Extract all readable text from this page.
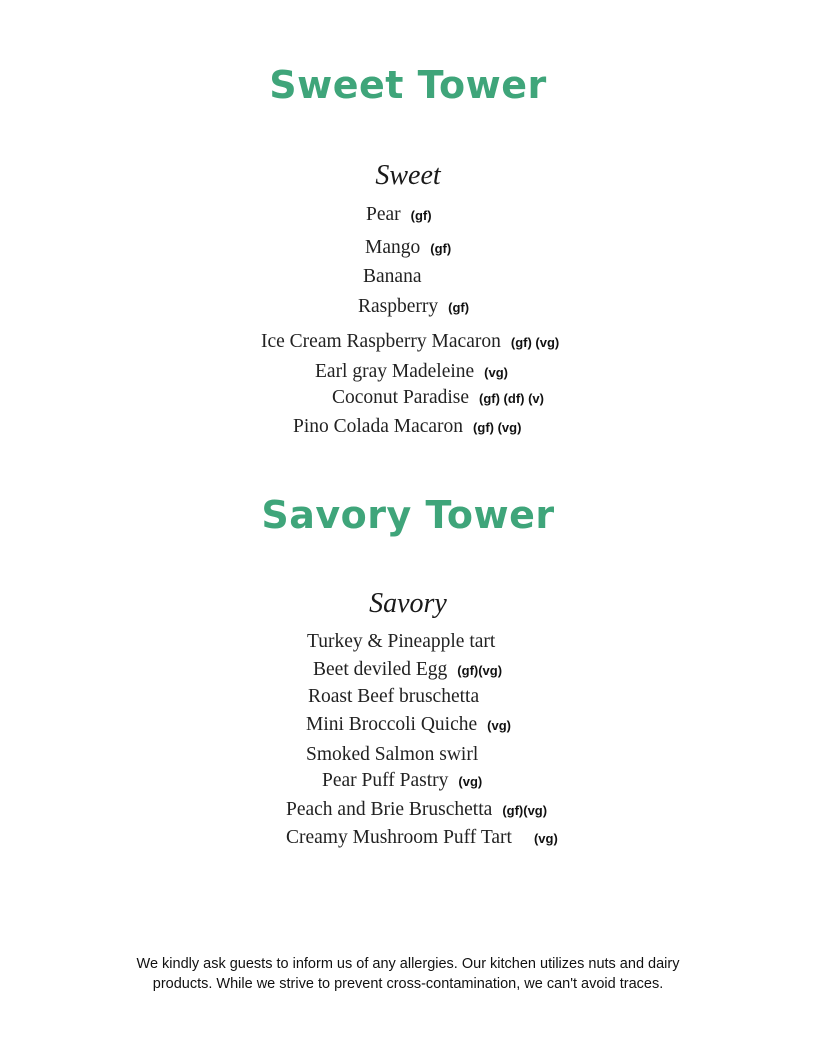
Sweet Tower
Sweet
Pear (gf)
Mango (gf)
Banana
Raspberry (gf)
Ice Cream Raspberry Macaron (gf) (vg)
Earl gray Madeleine (vg)
Coconut Paradise (gf) (df) (v)
Pino Colada Macaron (gf) (vg)
Savory Tower
Savory
Turkey & Pineapple tart
Beet deviled Egg (gf)(vg)
Roast Beef bruschetta
Mini Broccoli Quiche (vg)
Smoked Salmon swirl
Pear Puff Pastry (vg)
Peach and Brie Bruschetta (gf)(vg)
Creamy Mushroom Puff Tart (vg)
We kindly ask guests to inform us of any allergies. Our kitchen utilizes nuts and dairy products. While we strive to prevent cross-contamination, we can't avoid traces.
